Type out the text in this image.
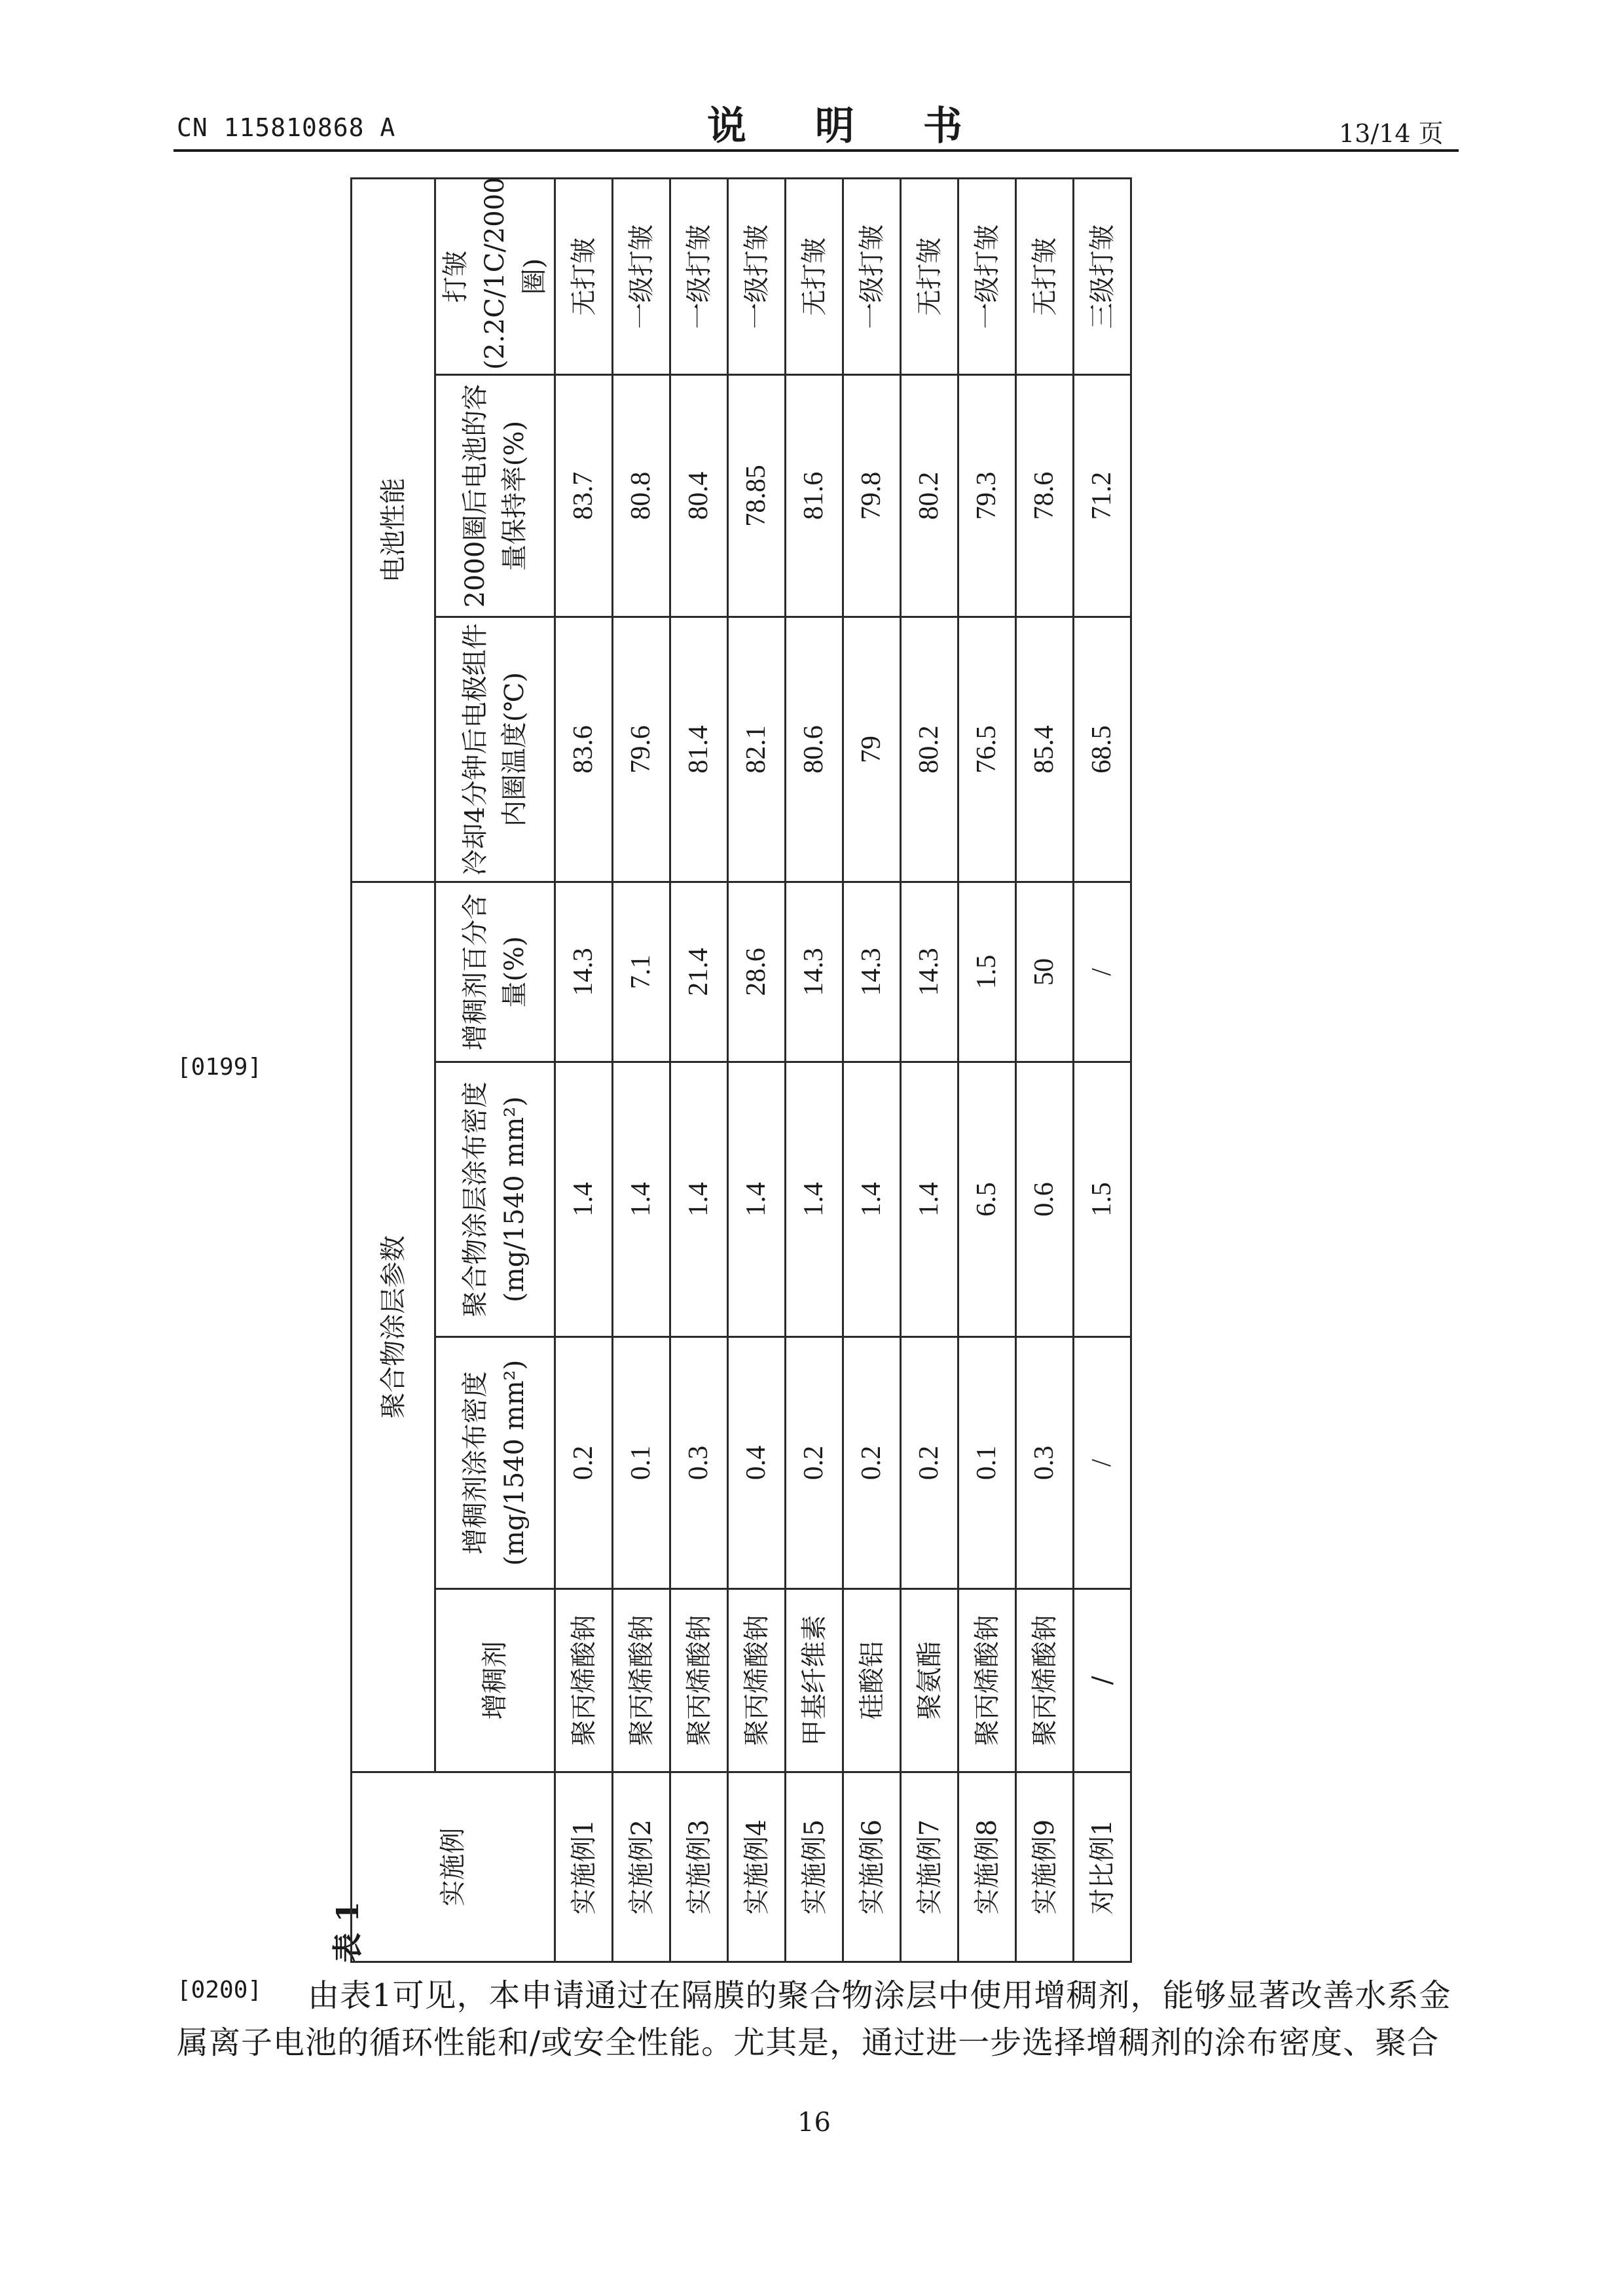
CN 115810868 A	说 明 书	13/14 页
[0199]
表 1
实施例	聚合物涂层参数				电池性能		
	增稠剂	增稠剂涂布密度(mg/1540 mm²)	聚合物涂层涂布密度(mg/1540 mm²)	增稠剂百分含量(%)	冷却4分钟后电极组件内圈温度(℃)	2000圈后电池的容量保持率(%)	打皱(2.2C/1C/2000圈)
实施例1	聚丙烯酸钠	0.2	1.4	14.3	83.6	83.7	无打皱
实施例2	聚丙烯酸钠	0.1	1.4	7.1	79.6	80.8	一级打皱
实施例3	聚丙烯酸钠	0.3	1.4	21.4	81.4	80.4	一级打皱
实施例4	聚丙烯酸钠	0.4	1.4	28.6	82.1	78.85	一级打皱
实施例5	甲基纤维素	0.2	1.4	14.3	80.6	81.6	无打皱
实施例6	硅酸铝	0.2	1.4	14.3	79	79.8	一级打皱
实施例7	聚氨酯	0.2	1.4	14.3	80.2	80.2	无打皱
实施例8	聚丙烯酸钠	0.1	6.5	1.5	76.5	79.3	一级打皱
实施例9	聚丙烯酸钠	0.3	0.6	50	85.4	78.6	无打皱
对比例1	/	/	1.5	/	68.5	71.2	三级打皱
[0200] 由表1可见，本申请通过在隔膜的聚合物涂层中使用增稠剂，能够显著改善水系金
属离子电池的循环性能和/或安全性能。尤其是，通过进一步选择增稠剂的涂布密度、聚合
16
